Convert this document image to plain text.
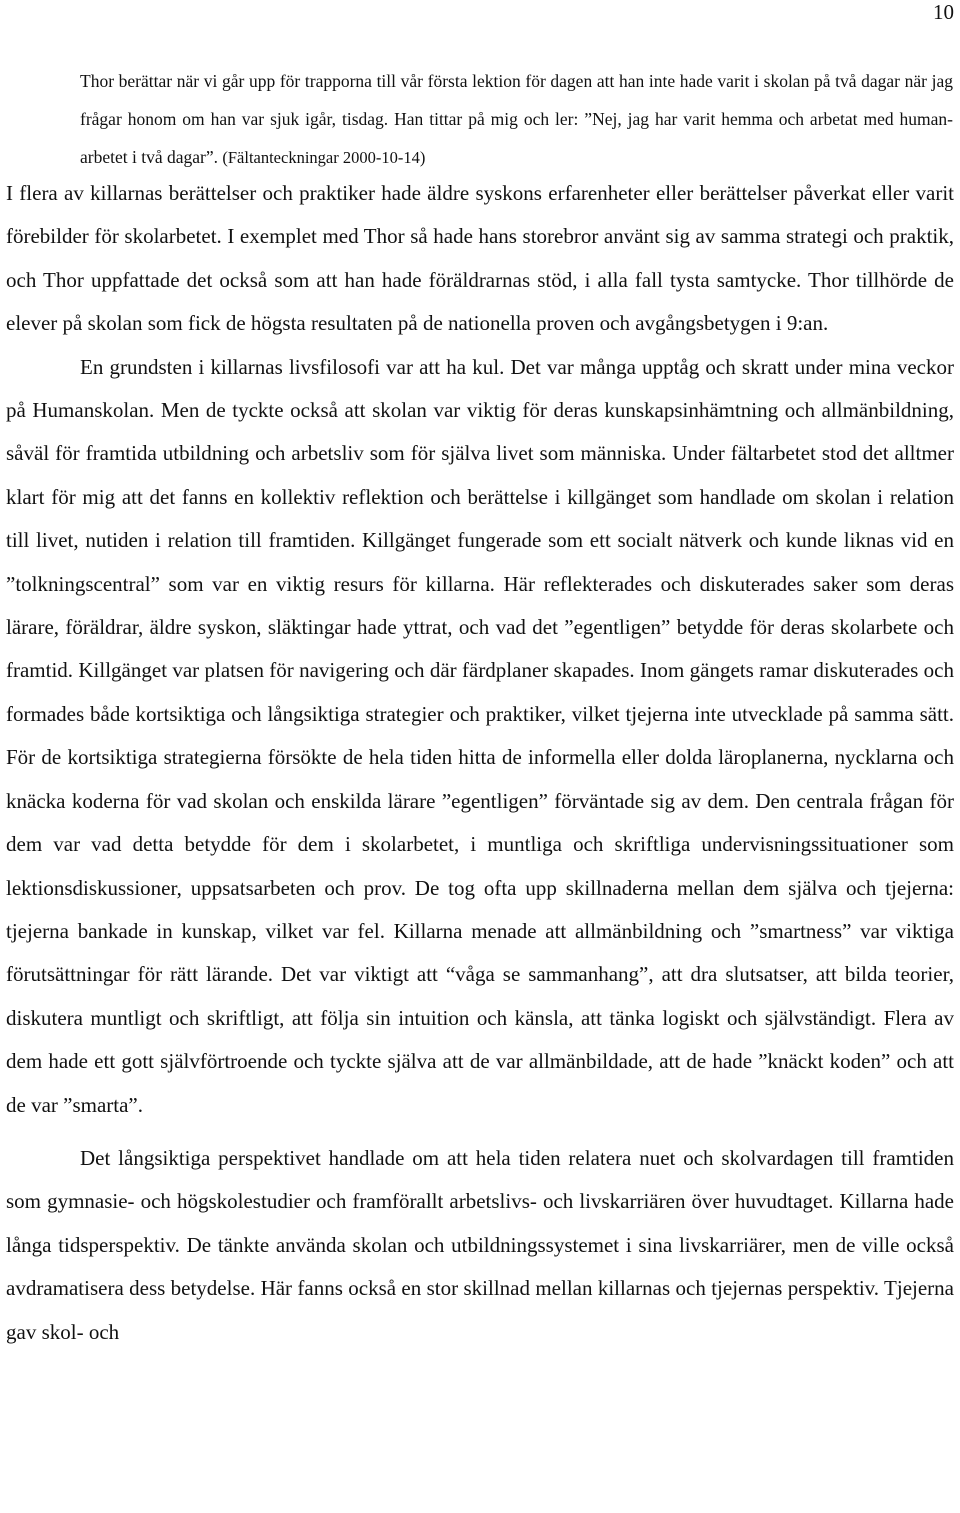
10
Thor berättar när vi går upp för trapporna till vår första lektion för dagen att han inte hade varit i skolan på två dagar när jag frågar honom om han var sjuk igår, tisdag. Han tittar på mig och ler: ”Nej, jag har varit hemma och arbetat med human-arbetet i två dagar”. (Fältanteckningar 2000-10-14)

I flera av killarnas berättelser och praktiker hade äldre syskons erfarenheter eller berättelser påverkat eller varit förebilder för skolarbetet. I exemplet med Thor så hade hans storebror använt sig av samma strategi och praktik, och Thor uppfattade det också som att han hade föräldrarnas stöd, i alla fall tysta samtycke. Thor tillhörde de elever på skolan som fick de högsta resultaten på de nationella proven och avgångsbetygen i 9:an.

En grundsten i killarnas livsfilosofi var att ha kul. Det var många upptåg och skratt under mina veckor på Humanskolan. Men de tyckte också att skolan var viktig för deras kunskapsinhämtning och allmänbildning, såväl för framtida utbildning och arbetsliv som för själva livet som människa. Under fältarbetet stod det alltmer klart för mig att det fanns en kollektiv reflektion och berättelse i killgänget som handlade om skolan i relation till livet, nutiden i relation till framtiden. Killgänget fungerade som ett socialt nätverk och kunde liknas vid en ”tolkningscentral” som var en viktig resurs för killarna. Här reflekterades och diskuterades saker som deras lärare, föräldrar, äldre syskon, släktingar hade yttrat, och vad det ”egentligen” betydde för deras skolarbete och framtid. Killgänget var platsen för navigering och där färdplaner skapades. Inom gängets ramar diskuterades och formades både kortsiktiga och långsiktiga strategier och praktiker, vilket tjejerna inte utvecklade på samma sätt. För de kortsiktiga strategierna försökte de hela tiden hitta de informella eller dolda läroplanerna, nycklarna och knäcka koderna för vad skolan och enskilda lärare ”egentligen” förväntade sig av dem. Den centrala frågan för dem var vad detta betydde för dem i skolarbetet, i muntliga och skriftliga undervisningssituationer som lektionsdiskussioner, uppsatsarbeten och prov. De tog ofta upp skillnaderna mellan dem själva och tjejerna: tjejerna bankade in kunskap, vilket var fel. Killarna menade att allmänbildning och ”smartness” var viktiga förutsättningar för rätt lärande. Det var viktigt att “våga se sammanhang”, att dra slutsatser, att bilda teorier, diskutera muntligt och skriftligt, att följa sin intuition och känsla, att tänka logiskt och självständigt. Flera av dem hade ett gott självförtroende och tyckte själva att de var allmänbildade, att de hade ”knäckt koden” och att de var ”smarta”.

Det långsiktiga perspektivet handlade om att hela tiden relatera nuet och skolvardagen till framtiden som gymnasie- och högskolestudier och framförallt arbetslivs- och livskarriären över huvudtaget. Killarna hade långa tidsperspektiv. De tänkte använda skolan och utbildningssystemet i sina livskarriärer, men de ville också avdramatisera dess betydelse. Här fanns också en stor skillnad mellan killarnas och tjejernas perspektiv. Tjejerna gav skol- och
